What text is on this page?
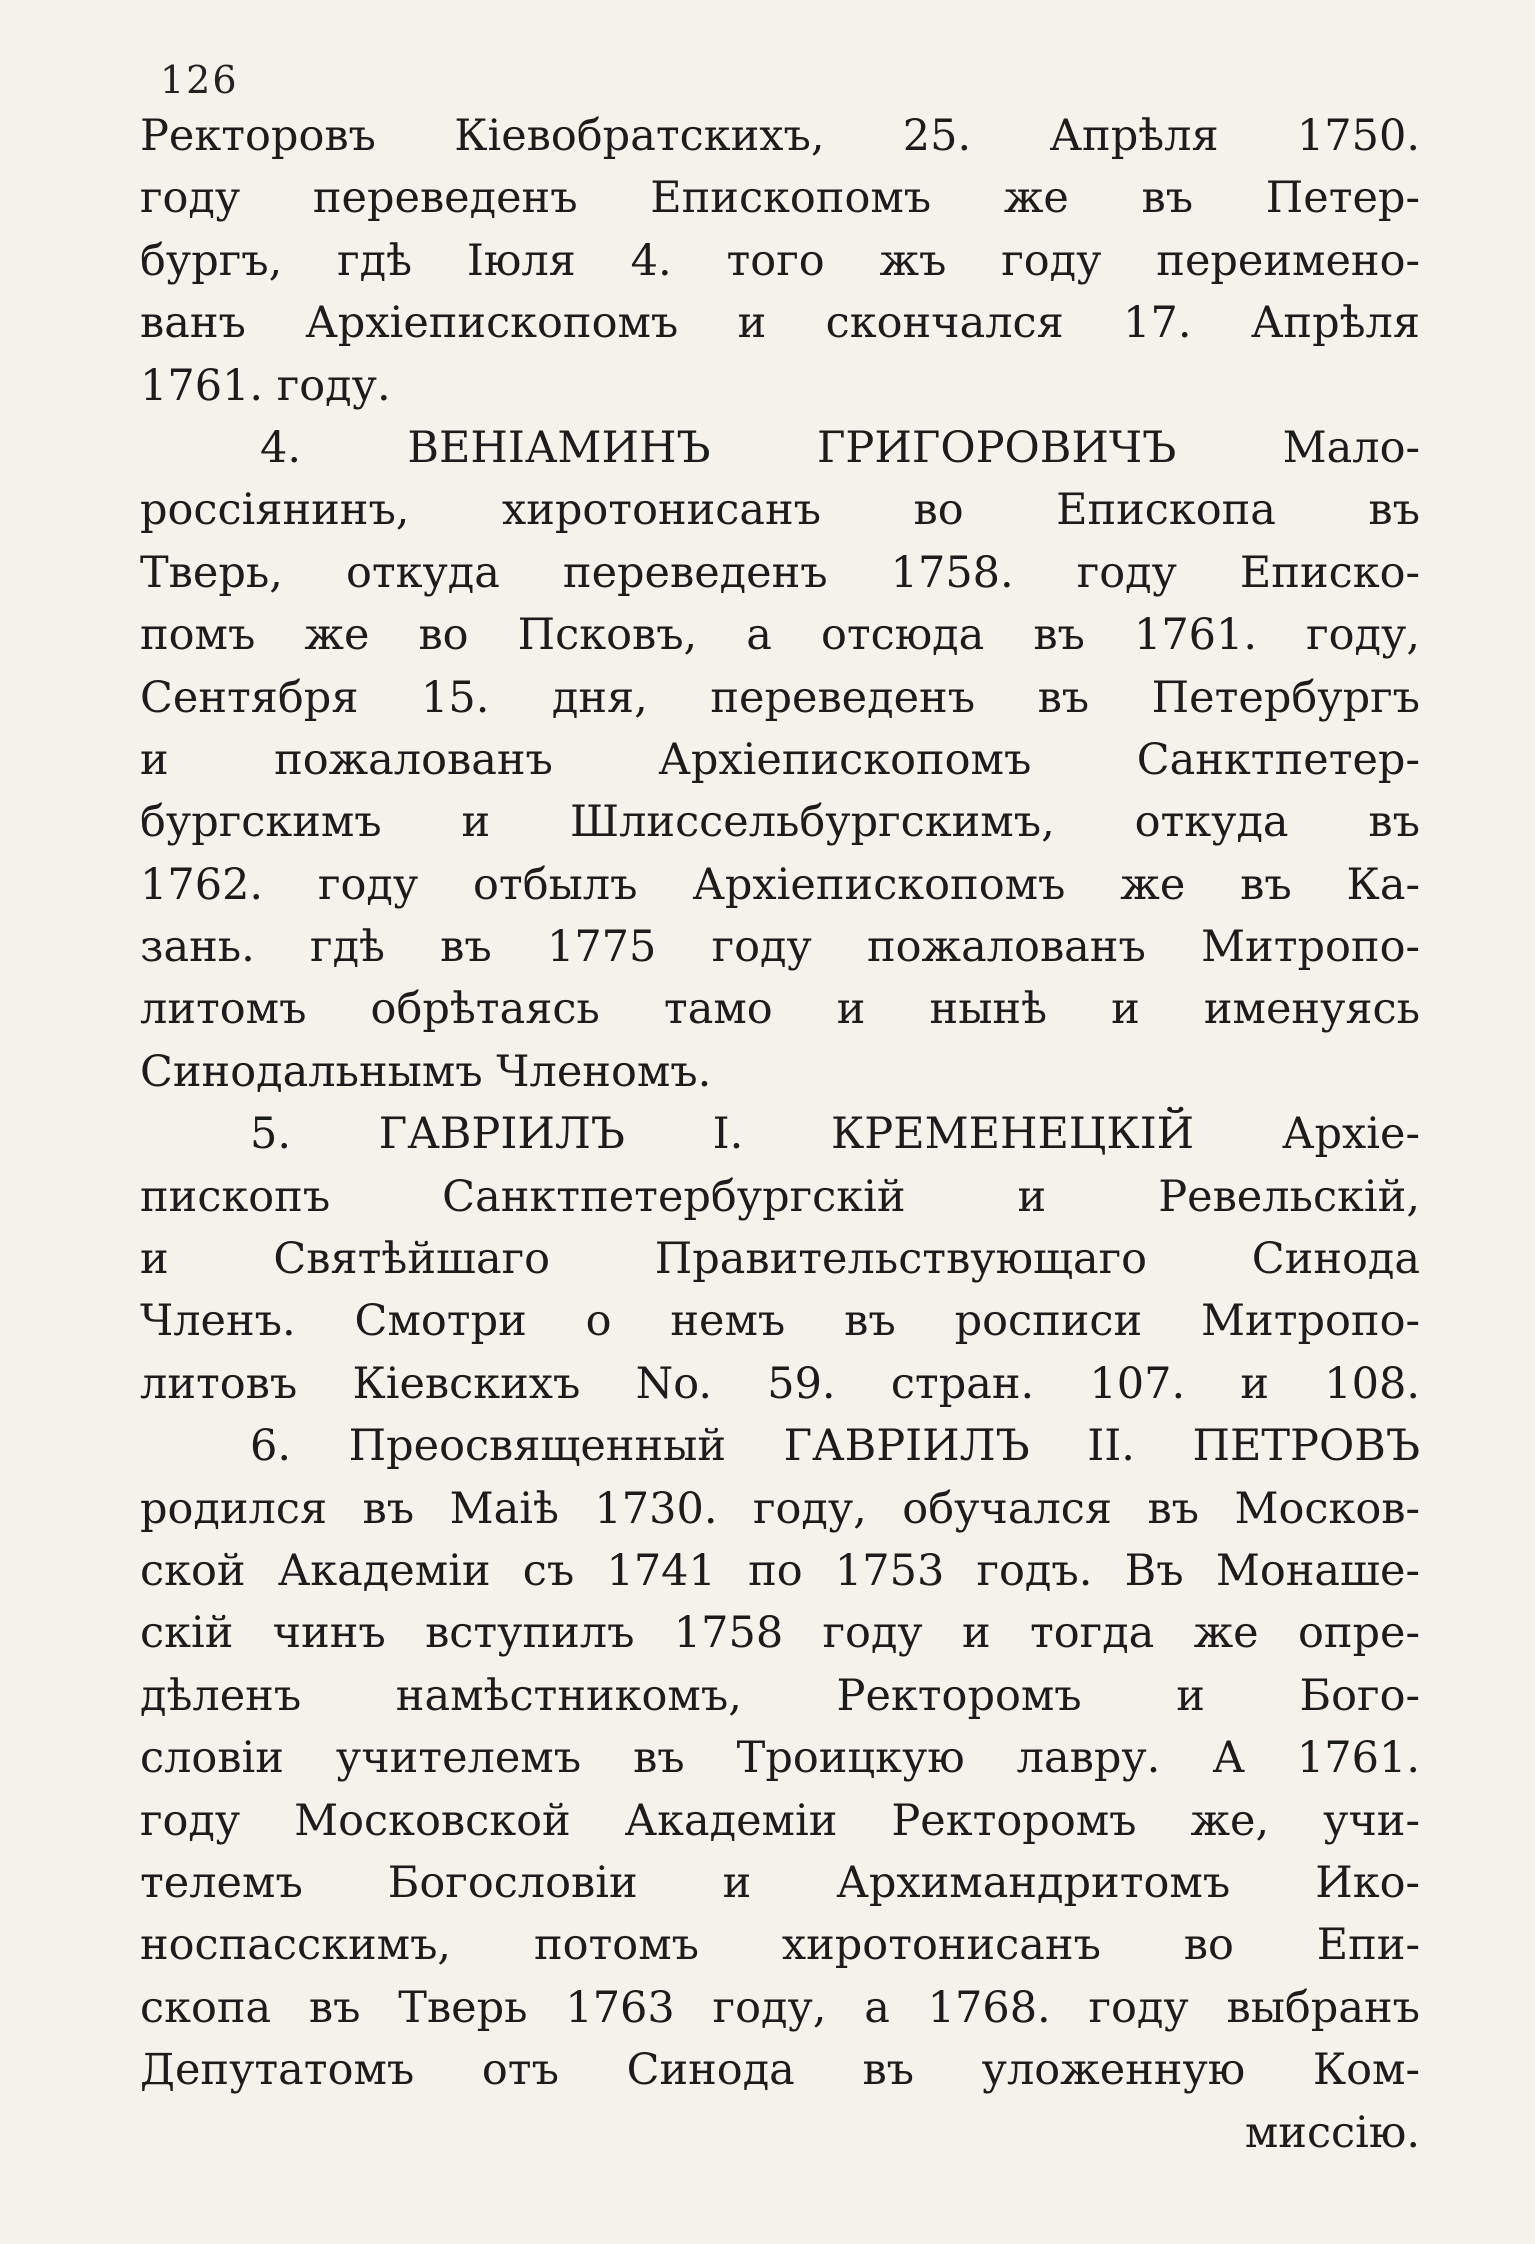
126
Ректоровъ Кіевобратскихъ, 25. Апрѣля 1750.
году переведенъ Епископомъ же въ Петер-
бургъ, гдѣ Іюля 4. того жъ году переимено-
ванъ Архіепископомъ и скончался 17. Апрѣля
1761. году.
4. ВЕНІАМИНЪ ГРИГОРОВИЧЪ Мало-
россіянинъ, хиротонисанъ во Епископа въ
Тверь, откуда переведенъ 1758. году Еписко-
помъ же во Псковъ, а отсюда въ 1761. году,
Сентября 15. дня, переведенъ въ Петербургъ
и пожалованъ Архіепископомъ Санктпетер-
бургскимъ и Шлиссельбургскимъ, откуда въ
1762. году отбылъ Архіепископомъ же въ Ка-
зань. гдѣ въ 1775 году пожалованъ Митропо-
литомъ обрѣтаясь тамо и нынѣ и именуясь
Синодальнымъ Членомъ.
5. ГАВРІИЛЪ I. КРЕМЕНЕЦКІЙ Архіе-
пископъ Санктпетербургскій и Ревельскій,
и Святѣйшаго Правительствующаго Синода
Членъ. Смотри о немъ въ росписи Митропо-
литовъ Кіевскихъ No. 59. стран. 107. и 108.
6. Преосвященный ГАВРІИЛЪ II. ПЕТРОВЪ
родился въ Маіѣ 1730. году, обучался въ Москов-
ской Академіи съ 1741 по 1753 годъ. Въ Монаше-
скій чинъ вступилъ 1758 году и тогда же опре-
дѣленъ намѣстникомъ, Ректоромъ и Бого-
словіи учителемъ въ Троицкую лавру. А 1761.
году Московской Академіи Ректоромъ же, учи-
телемъ Богословіи и Архимандритомъ Ико-
носпасскимъ, потомъ хиротонисанъ во Епи-
скопа въ Тверь 1763 году, а 1768. году выбранъ
Депутатомъ отъ Синода въ уложенную Ком-
миссію.
